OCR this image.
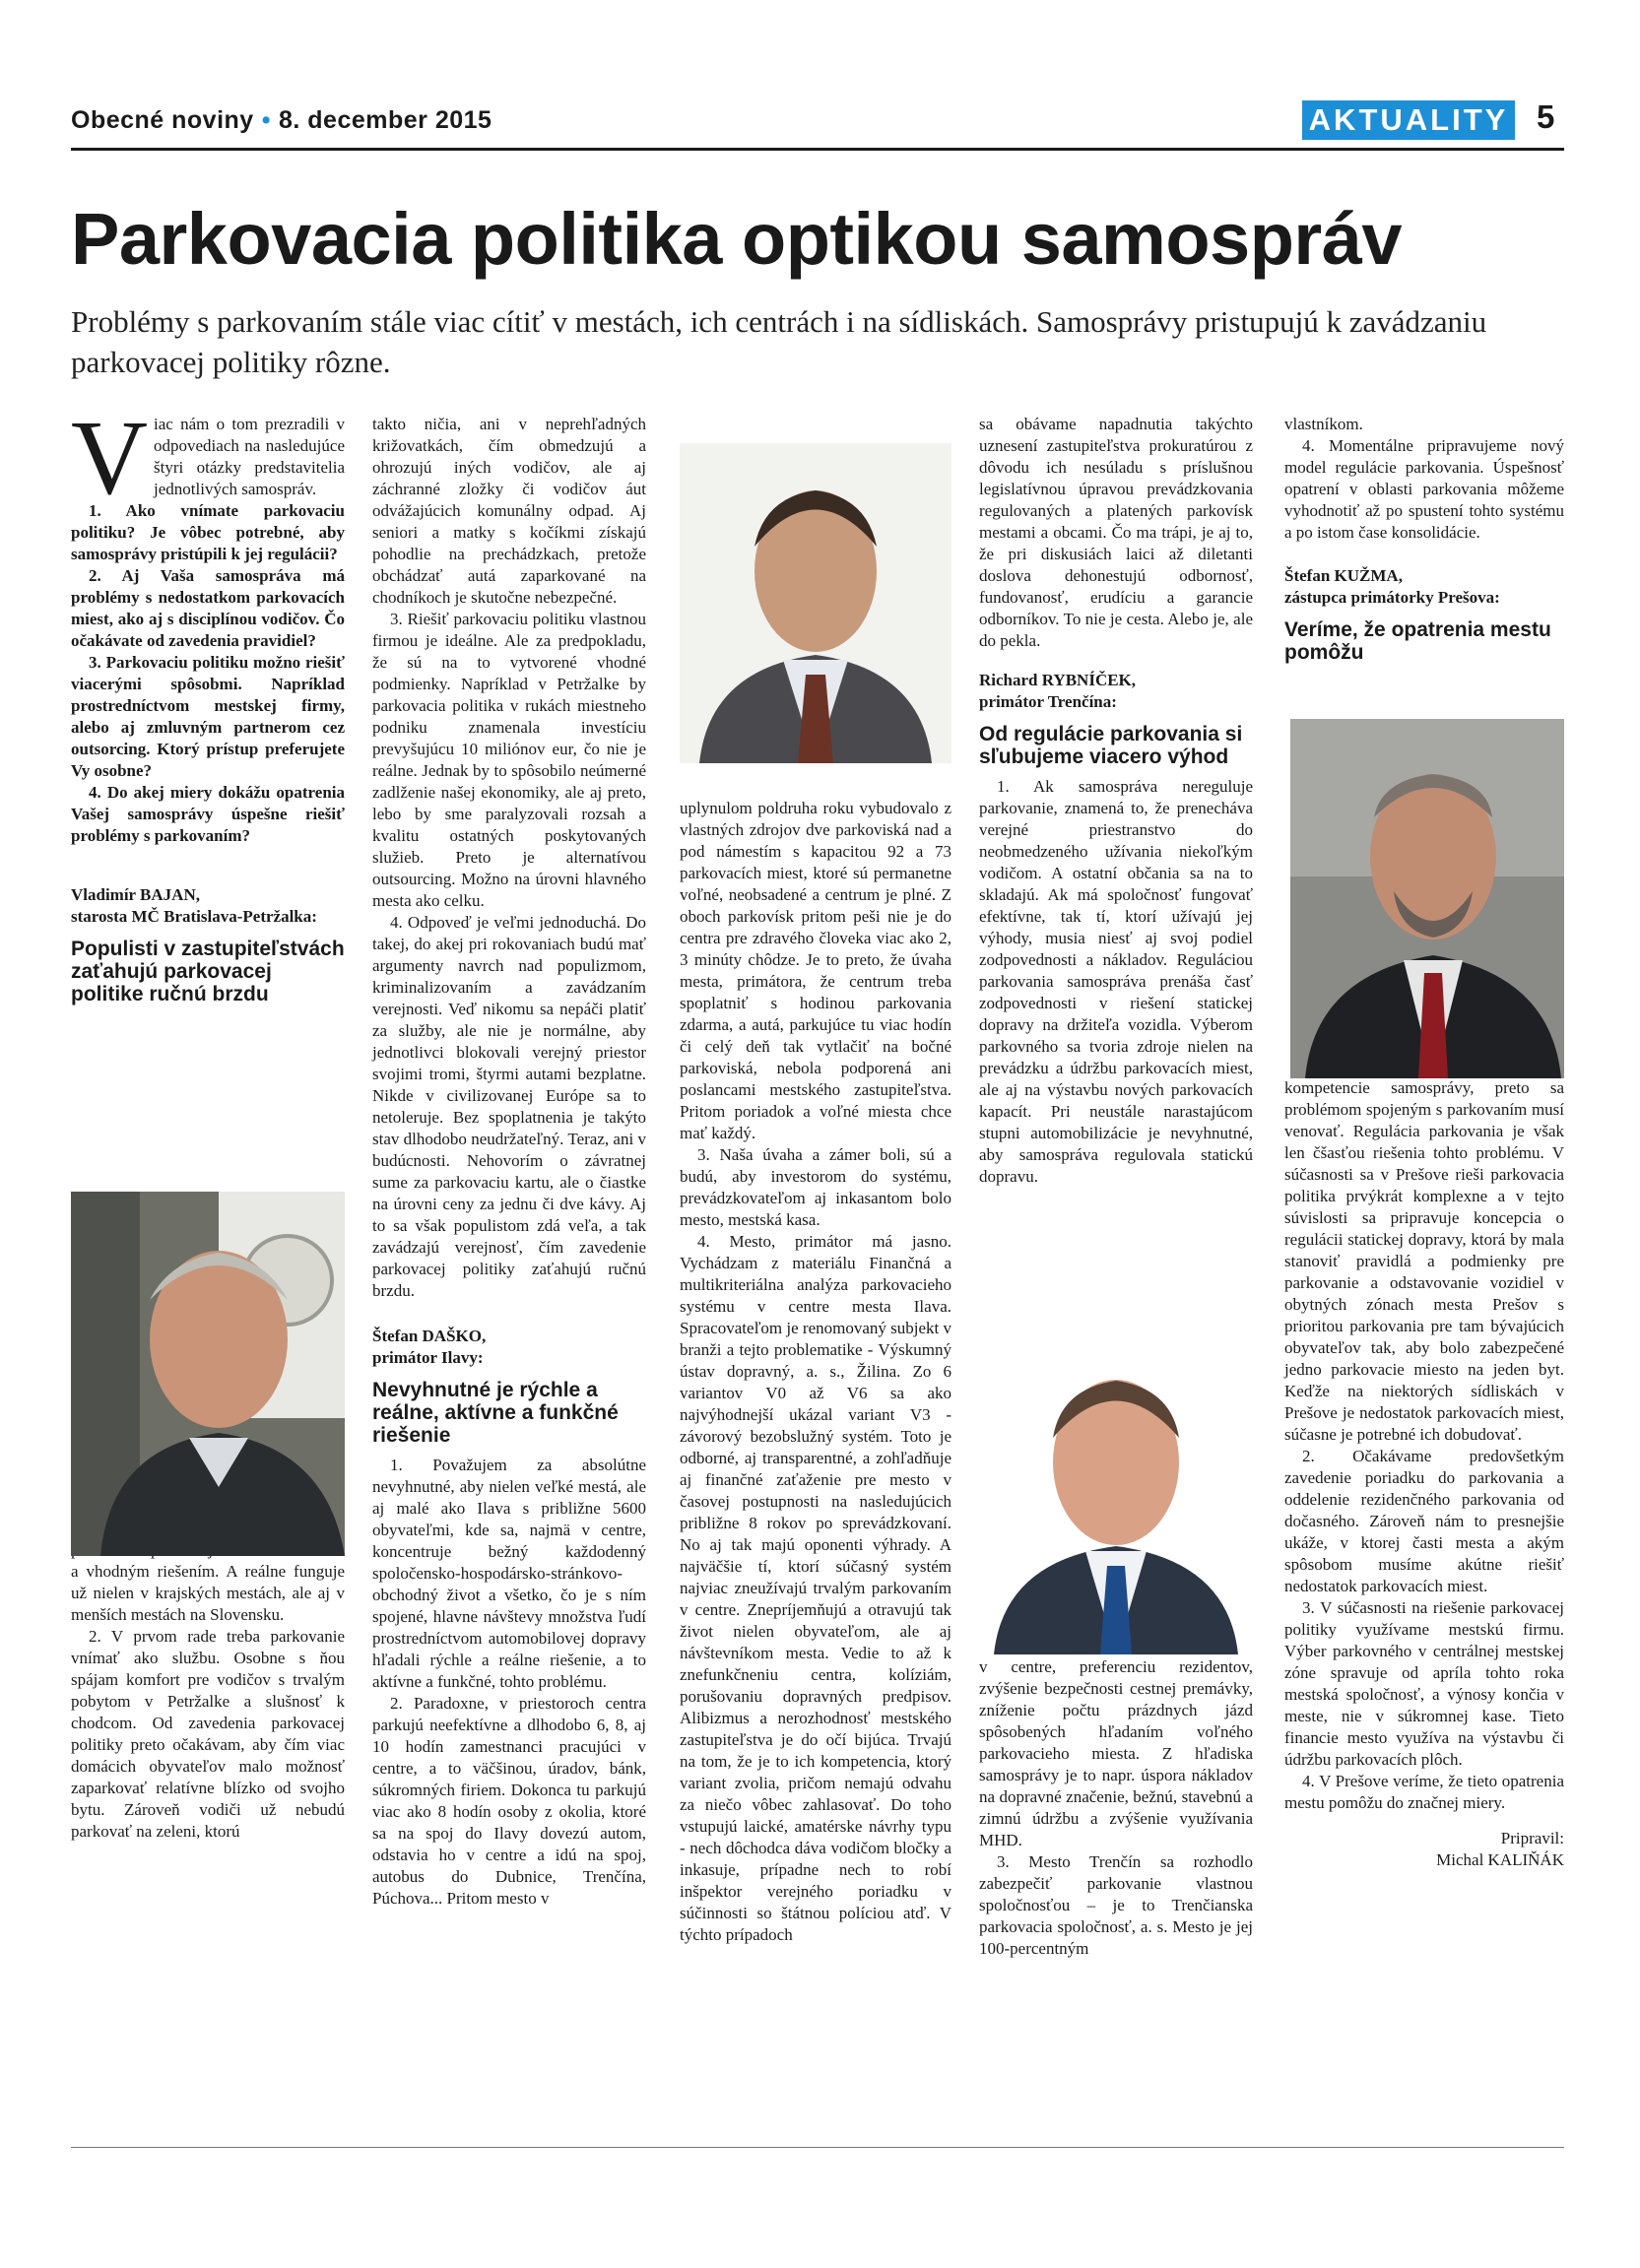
Obecné noviny • 8. december 2015	AKTUALITY 5
Parkovacia politika optikou samospráv
Problémy s parkovaním stále viac cítiť v mestách, ich centrách i na sídliskách. Samosprávy pristupujú k zavádzaniu parkovacej politiky rôzne.

Viac nám o tom prezradili v odpovediach na nasledujúce štyri otázky predstavitelia jednotlivých samospráv.

1. Ako vnímate parkovaciu politiku? Je vôbec potrebné, aby samosprávy pristúpili k jej regulácii?

2. Aj Vaša samospráva má problémy s nedostatkom parkovacích miest, ako aj s disciplínou vodičov. Čo očakávate od zavedenia pravidiel?

3. Parkovaciu politiku možno riešiť viacerými spôsobmi. Napríklad prostredníctvom mestskej firmy, alebo aj zmluvným partnerom cez outsorcing. Ktorý prístup preferujete Vy osobne?

4. Do akej miery dokážu opatrenia Vašej samosprávy úspešne riešiť problémy s parkovaním?

Vladimír BAJAN,

starosta MČ Bratislava-Petržalka:

Populisti v zastupiteľstvách zaťahujú parkovacej politike ručnú brzdu

a vhodným riešením. A reálne funguje už nielen v krajských mestách, ale aj v menších mestách na Slovensku.

2. V prvom rade treba parkovanie vnímať ako službu. Osobne s ňou spájam komfort pre vodičov s trvalým pobytom v Petržalke a slušnosť k chodcom. Od zavedenia parkovacej politiky preto očakávam, aby čím viac domácich obyvateľov malo možnosť zaparkovať relatívne blízko od svojho bytu. Zároveň vodiči už nebudú parkovať na zeleni, ktorú

takto ničia, ani v neprehľadných križovatkách, čím obmedzujú a ohrozujú iných vodičov, ale aj záchranné zložky či vodičov áut odvážajúcich komunálny odpad. Aj seniori a matky s kočíkmi získajú pohodlie na prechádzkach, pretože obchádzať autá zaparkované na chodníkoch je skutočne nebezpečné.

3. Riešiť parkovaciu politiku vlastnou firmou je ideálne. Ale za predpokladu, že sú na to vytvorené vhodné podmienky. Napríklad v Petržalke by parkovacia politika v rukách miestneho podniku znamenala investíciu prevyšujúcu 10 miliónov eur, čo nie je reálne. Jednak by to spôsobilo neúmerné zadlženie našej ekonomiky, ale aj preto, lebo by sme paralyzovali rozsah a kvalitu ostatných poskytovaných služieb. Preto je alternatívou outsourcing. Možno na úrovni hlavného mesta ako celku.

4. Odpoveď je veľmi jednoduchá. Do takej, do akej pri rokovaniach budú mať argumenty navrch nad populizmom, kriminalizovaním a zavádzaním verejnosti. Veď nikomu sa nepáči platiť za služby, ale nie je normálne, aby jednotlivci blokovali verejný priestor svojimi tromi, štyrmi autami bezplatne. Nikde v civilizovanej Európe sa to netoleruje. Bez spoplatnenia je takýto stav dlhodobo neudržateľný. Teraz, ani v budúcnosti. Nehovorím o závratnej sume za parkovaciu kartu, ale o čiastke na úrovni ceny za jednu či dve kávy. Aj to sa však populistom zdá veľa, a tak zavádzajú verejnosť, čím zavedenie parkovacej politiky zaťahujú ručnú brzdu.

Štefan DAŠKO,

primátor Ilavy:

Nevyhnutné je rýchle a reálne, aktívne a funkčné riešenie

1. Považujem za absolútne nevyhnutné, aby nielen veľké mestá, ale aj malé ako Ilava s približne 5600 obyvateľmi, kde sa, najmä v centre, koncentruje bežný každodenný spoločensko-hospodársko-stránkovo-obchodný život a všetko, čo je s ním spojené, hlavne návštevy množstva ľudí prostredníctvom automobilovej dopravy hľadali rýchle a reálne riešenie, a to aktívne a funkčné, tohto problému.

2. Paradoxne, v priestoroch centra parkujú neefektívne a dlhodobo 6, 8, aj 10 hodín zamestnanci pracujúci v centre, a to väčšinou, úradov, bánk, súkromných firiem. Dokonca tu parkujú viac ako 8 hodín osoby z okolia, ktoré sa na spoj do Ilavy dovezú autom, odstavia ho v centre a idú na spoj, autobus do Dubnice, Trenčína, Púchova... Pritom mesto v

uplynulom poldruha roku vybudovalo z vlastných zdrojov dve parkoviská nad a pod námestím s kapacitou 92 a 73 parkovacích miest, ktoré sú permanetne voľné, neobsadené a centrum je plné. Z oboch parkovísk pritom peši nie je do centra pre zdravého človeka viac ako 2, 3 minúty chôdze. Je to preto, že úvaha mesta, primátora, že centrum treba spoplatniť s hodinou parkovania zdarma, a autá, parkujúce tu viac hodín či celý deň tak vytlačiť na bočné parkoviská, nebola podporená ani poslancami mestského zastupiteľstva. Pritom poriadok a voľné miesta chce mať každý.

3. Naša úvaha a zámer boli, sú a budú, aby investorom do systému, prevádzkovateľom aj inkasantom bolo mesto, mestská kasa.

4. Mesto, primátor má jasno. Vychádzam z materiálu Finančná a multikriteriálna analýza parkovacieho systému v centre mesta Ilava. Spracovateľom je renomovaný subjekt v branži a tejto problematike - Výskumný ústav dopravný, a. s., Žilina. Zo 6 variantov V0 až V6 sa ako najvýhodnejší ukázal variant V3 - závorový bezobslužný systém. Toto je odborné, aj transparentné, a zohľadňuje aj finančné zaťaženie pre mesto v časovej postupnosti na nasledujúcich približne 8 rokov po sprevádzkovaní. No aj tak majú oponenti výhrady. A najväčšie tí, ktorí súčasný systém najviac zneužívajú trvalým parkovaním v centre. Znepríjemňujú a otravujú tak život nielen obyvateľom, ale aj návštevníkom mesta. Vedie to až k znefunkčneniu centra, kolíziám, porušovaniu dopravných predpisov. Alibizmus a nerozhodnosť mestského zastupiteľstva je do očí bijúca. Trvajú na tom, že je to ich kompetencia, ktorý variant zvolia, pričom nemajú odvahu za niečo vôbec zahlasovať. Do toho vstupujú laické, amatérske návrhy typu - nech dôchodca dáva vodičom bločky a inkasuje, prípadne nech to robí inšpektor verejného poriadku v súčinnosti so štátnou políciou atď. V týchto prípadoch

sa obávame napadnutia takýchto uznesení zastupiteľstva prokuratúrou z dôvodu ich nesúladu s príslušnou legislatívnou úpravou prevádzkovania regulovaných a platených parkovísk mestami a obcami. Čo ma trápi, je aj to, že pri diskusiách laici až diletanti doslova dehonestujú odbornosť, fundovanosť, erudíciu a garancie odborníkov. To nie je cesta. Alebo je, ale do pekla.

Richard RYBNÍČEK,

primátor Trenčína:

Od regulácie parkovania si sľubujeme viacero výhod

1. Ak samospráva nereguluje parkovanie, znamená to, že prenecháva verejné priestranstvo do neobmedzeného užívania niekoľkým vodičom. A ostatní občania sa na to skladajú. Ak má spoločnosť fungovať efektívne, tak tí, ktorí užívajú jej výhody, musia niesť aj svoj podiel zodpovednosti a nákladov. Reguláciou parkovania samospráva prenáša časť zodpovednosti v riešení statickej dopravy na držiteľa vozidla. Výberom parkovného sa tvoria zdroje nielen na prevádzku a údržbu parkovacích miest, ale aj na výstavbu nových parkovacích kapacít. Pri neustále narastajúcom stupni automobilizácie je nevyhnutné, aby samospráva regulovala statickú dopravu.

v centre, preferenciu rezidentov, zvýšenie bezpečnosti cestnej premávky, zníženie počtu prázdnych jázd spôsobených hľadaním voľného parkovacieho miesta. Z hľadiska samosprávy je to napr. úspora nákladov na dopravné značenie, bežnú, stavebnú a zimnú údržbu a zvýšenie využívania MHD.

3. Mesto Trenčín sa rozhodlo zabezpečiť parkovanie vlastnou spoločnosťou – je to Trenčianska parkovacia spoločnosť, a. s. Mesto je jej 100-percentným

vlastníkom.

4. Momentálne pripravujeme nový model regulácie parkovania. Úspešnosť opatrení v oblasti parkovania môžeme vyhodnotiť až po spustení tohto systému a po istom čase konsolidácie.

Štefan KUŽMA,

zástupca primátorky Prešova:

Veríme, že opatrenia mestu pomôžu

kompetencie samosprávy, preto sa problémom spojeným s parkovaním musí venovať. Regulácia parkovania je však len čšasťou riešenia tohto problému. V súčasnosti sa v Prešove rieši parkovacia politika prvýkrát komplexne a v tejto súvislosti sa pripravuje koncepcia o regulácii statickej dopravy, ktorá by mala stanoviť pravidlá a podmienky pre parkovanie a odstavovanie vozidiel v obytných zónach mesta Prešov s prioritou parkovania pre tam bývajúcich obyvateľov tak, aby bolo zabezpečené jedno parkovacie miesto na jeden byt. Keďže na niektorých sídliskách v Prešove je nedostatok parkovacích miest, súčasne je potrebné ich dobudovať.

2. Očakávame predovšetkým zavedenie poriadku do parkovania a oddelenie rezidenčného parkovania od dočasného. Zároveň nám to presnejšie ukáže, v ktorej časti mesta a akým spôsobom musíme akútne riešiť nedostatok parkovacích miest.

3. V súčasnosti na riešenie parkovacej politiky využívame mestskú firmu. Výber parkovného v centrálnej mestskej zóne spravuje od apríla tohto roka mestská spoločnosť, a výnosy končia v meste, nie v súkromnej kase. Tieto financie mesto využíva na výstavbu či údržbu parkovacích plôch.

4. V Prešove veríme, že tieto opatrenia mestu pomôžu do značnej miery.

Pripravil:

Michal KALIŇÁK
